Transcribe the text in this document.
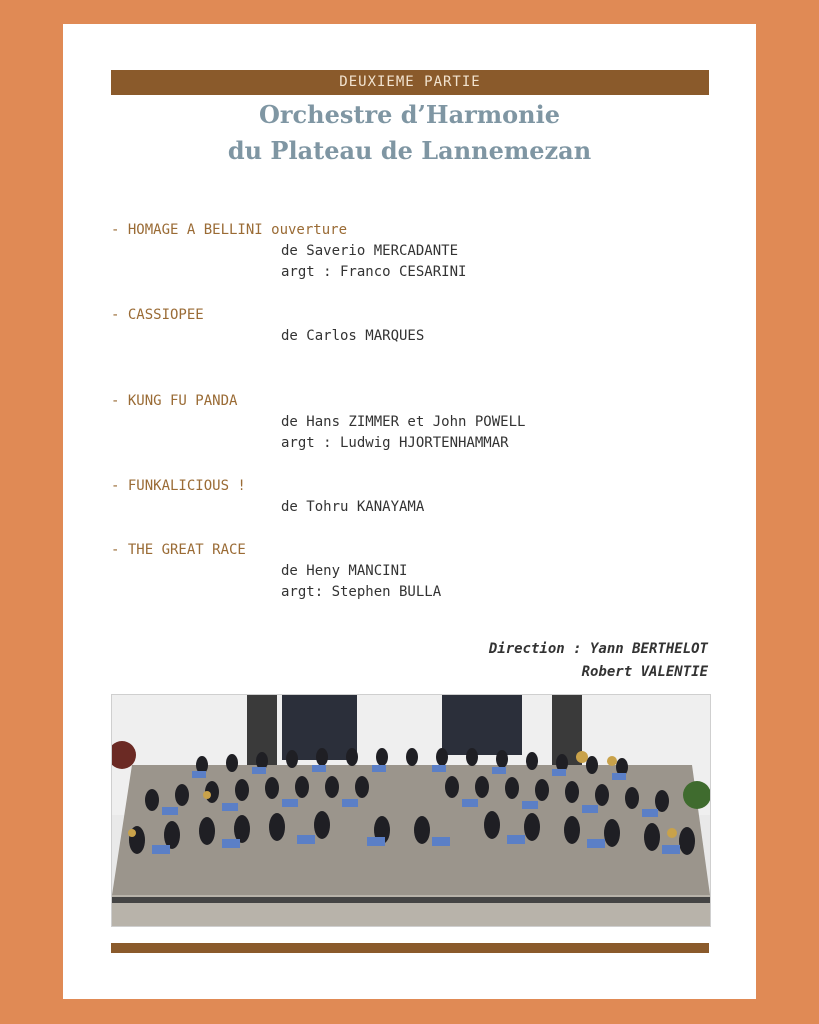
DEUXIEME PARTIE
Orchestre d’Harmonie
du Plateau de Lannemezan
- HOMAGE A BELLINI ouverture
de Saverio MERCADANTE
argt : Franco CESARINI
- CASSIOPEE
de Carlos MARQUES
- KUNG FU PANDA
de Hans ZIMMER et John POWELL
argt : Ludwig HJORTENHAMMAR
- FUNKALICIOUS !
de Tohru KANAYAMA
- THE GREAT RACE
de Heny MANCINI
argt: Stephen BULLA
Direction : Yann BERTHELOT
Robert VALENTIE
